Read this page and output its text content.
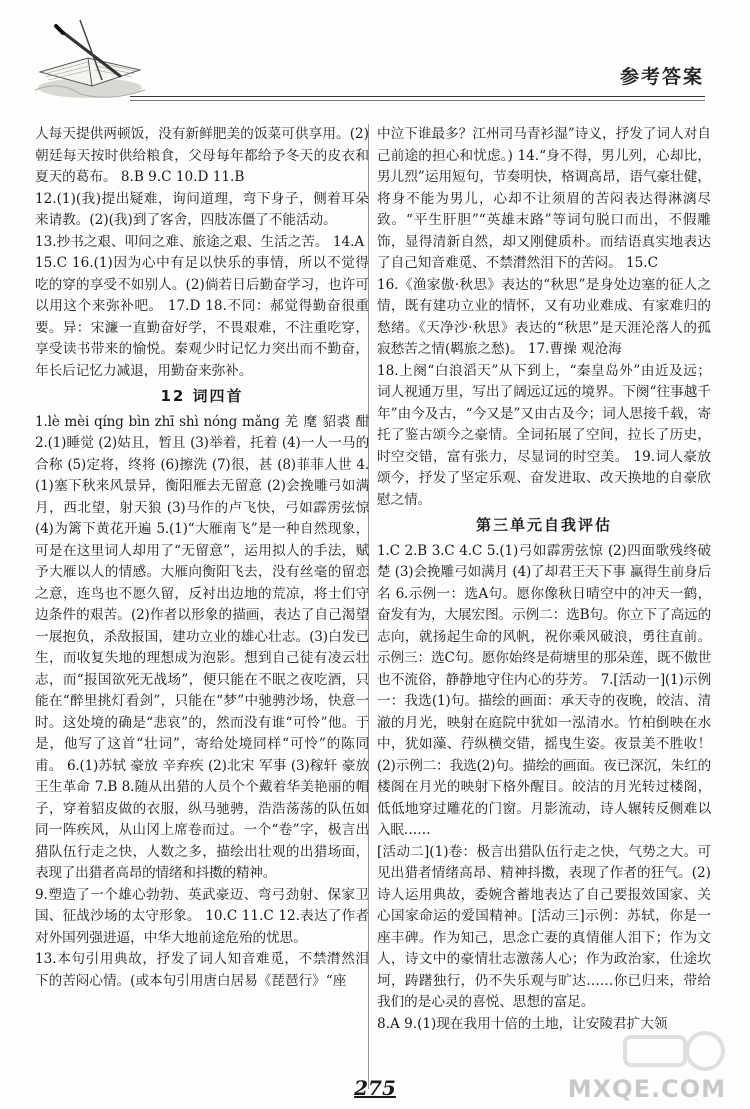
参考答案

人每天提供两顿饭，没有新鲜肥美的饭菜可供享用。(2)朝廷每天按时供给粮食，父母每年都给予冬天的皮衣和夏天的葛布。 8.B 9.C 10.D 11.B

12.(1)(我)提出疑难，询问道理，弯下身子，侧着耳朵来请教。(2)(我)到了客舍，四肢冻僵了不能活动。

13.抄书之艰、叩问之难、旅途之艰、生活之苦。 14.A

15.C 16.(1)因为心中有足以快乐的事情，所以不觉得吃的穿的享受不如别人。(2)倘若日后勤奋学习，也许可以用这个来弥补吧。 17.D 18.不同：郝觉得勤奋很重要。异：宋濂一直勤奋好学，不畏艰难，不注重吃穿，享受读书带来的愉悦。秦观少时记忆力突出而不勤奋，年长后记忆力减退，用勤奋来弥补。

12 词四首

1.lè mèi qíng bìn zhī shì nóng mǎng 羌 麾 貂裘 酣 2.(1)睡觉 (2)姑且，暂且 (3)举着，托着 (4)一人一马的合称 (5)定将，终将 (6)擦洗 (7)很，甚 (8)菲菲人世 4.(1)塞下秋来风景异，衡阳雁去无留意 (2)会挽雕弓如满月，西北望，射天狼 (3)马作的卢飞快，弓如霹雳弦惊 (4)为篱下黄花开遍 5.(1)“大雁南飞”是一种自然现象，可是在这里词人却用了“无留意”，运用拟人的手法，赋予大雁以人的情感。大雁向衡阳飞去，没有丝毫的留恋之意，连鸟也不愿久留，反衬出边地的荒凉，将士们守边条件的艰苦。(2)作者以形象的描画，表达了自己渴望一展抱负，杀敌报国，建功立业的雄心壮志。(3)白发已生，而收复失地的理想成为泡影。想到自己徒有凌云壮志，而“报国欲死无战场”，便只能在不眠之夜吃酒，只能在“醉里挑灯看剑”，只能在“梦”中驰骋沙场，快意一时。这处境的确是“悲哀”的，然而没有谁“可怜”他。于是，他写了这首“壮词”，寄给处境同样“可怜”的陈同甫。 6.(1)苏轼 豪放 辛弃疾 (2)北宋 军事 (3)稼轩 豪放 王生革命 7.B 8.随从出猎的人员个个戴着华美艳丽的帽子，穿着貂皮做的衣服，纵马驰骋，浩浩荡荡的队伍如同一阵疾风，从山冈上席卷而过。一个“卷”字，极言出猎队伍行走之快，人数之多，描绘出壮观的出猎场面，表现了出猎者高昂的情绪和抖擞的精神。

9.塑造了一个雄心勃勃、英武豪迈、弯弓劲射、保家卫国、征战沙场的太守形象。 10.C 11.C 12.表达了作者对外国列强进逼，中华大地前途危殆的忧思。

13.本句引用典故，抒发了词人知音难觅，不禁潸然泪下的苦闷心情。(或本句引用唐白居易《琵琶行》“座

中泣下谁最多？江州司马青衫湿”诗义，抒发了词人对自己前途的担心和忧虑。) 14.“身不得，男儿列，心却比，男儿烈”运用短句，节奏明快，格调高昂，语气豪壮健，将身不能为男儿，心却不让须眉的苦闷表达得淋漓尽致。“平生肝胆”“英雄末路”等词句脱口而出，不假雕饰，显得清新自然，却又刚健质朴。而结语真实地表达了自己知音难觅、不禁潸然泪下的苦闷。 15.C

16.《渔家傲·秋思》表达的“秋思”是身处边塞的征人之情，既有建功立业的情怀，又有功业难成、有家难归的愁绪。《天净沙·秋思》表达的“秋思”是天涯沦落人的孤寂愁苦之情(羁旅之愁)。 17.曹操 观沧海

18.上阕“白浪滔天”从下到上，“秦皇岛外”由近及远；词人视通万里，写出了阔远辽远的境界。下阕“往事越千年”由今及古，“今又是”又由古及今；词人思接千载，寄托了鉴古颂今之豪情。全词拓展了空间，拉长了历史，时空交错，富有张力，尽显词的时空美。 19.词人豪放颂今，抒发了坚定乐观、奋发进取、改天换地的自豪欣慰之情。

第三单元自我评估

1.C 2.B 3.C 4.C 5.(1)弓如霹雳弦惊 (2)四面歌残终破楚 (3)会挽雕弓如满月 (4)了却君王天下事 赢得生前身后名 6.示例一：选A句。愿你像秋日晴空中的冲天一鹤，奋发有为，大展宏图。示例二：选B句。你立下了高远的志向，就扬起生命的风帆，祝你乘风破浪，勇往直前。示例三：选C句。愿你始终是荷塘里的那朵莲，既不傲世也不流俗，静静地守住内心的芬芳。 7.[活动一](1)示例一：我选(1)句。描绘的画面：承天寺的夜晚，皎洁、清澈的月光，映射在庭院中犹如一泓清水。竹柏倒映在水中，犹如藻、荇纵横交错，摇曳生姿。夜景美不胜收！(2)示例二：我选(2)句。描绘的画面。夜已深沉，朱红的楼阁在月光的映射下格外醒目。皎洁的月光转过楼阁，低低地穿过雕花的门窗。月影流动，诗人辗转反侧难以入眠……

[活动二](1)卷：极言出猎队伍行走之快，气势之大。可见出猎者情绪高昂、精神抖擞，表现了作者的狂气。(2)诗人运用典故，委婉含蓄地表达了自己要报效国家、关心国家命运的爱国精神。[活动三]示例：苏轼，你是一座丰碑。作为知己，思念亡妻的真情催人泪下；作为文人，诗文中的豪情壮志激荡人心；作为政治家，仕途坎坷，踌躇独行，仍不失乐观与旷达……你已归来，带给我们的是心灵的喜悦、思想的富足。

8.A 9.(1)现在我用十倍的土地，让安陵君扩大领

275	MXQE.COM
